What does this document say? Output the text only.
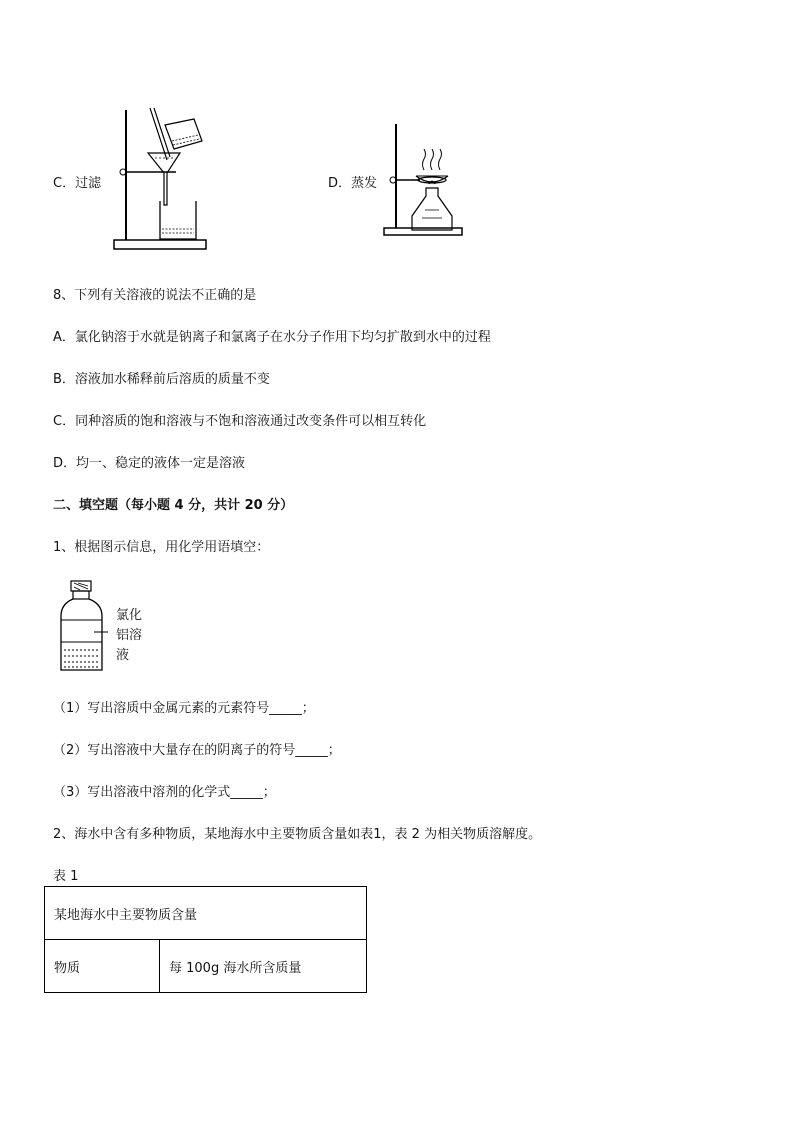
C．过滤	D．蒸发
8、下列有关溶液的说法不正确的是
A．氯化钠溶于水就是钠离子和氯离子在水分子作用下均匀扩散到水中的过程
B．溶液加水稀释前后溶质的质量不变
C．同种溶质的饱和溶液与不饱和溶液通过改变条件可以相互转化
D．均一、稳定的液体一定是溶液
二、填空题（每小题 4 分，共计 20 分）
1、根据图示信息，用化学用语填空：
氯化
铝溶
液
（1）写出溶质中金属元素的元素符号_____；
（2）写出溶液中大量存在的阴离子的符号_____；
（3）写出溶液中溶剂的化学式_____；
2、海水中含有多种物质，某地海水中主要物质含量如表1，表 2 为相关物质溶解度。
表 1
某地海水中主要物质含量
物质	每 100g 海水所含质量
